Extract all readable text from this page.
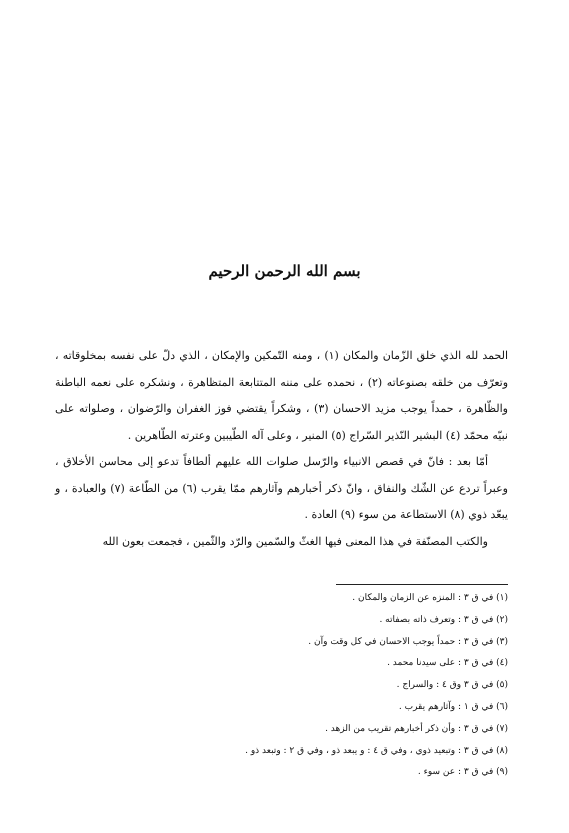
بسم الله الرحمن الرحيم

الحمد لله الذي خلق الزّمان والمكان (١) ، ومنه التّمكين والإمكان ، الذي دلّ على نفسه بمخلوقاته ، وتعرّف من خلقه بصنوعاته (٢) ، نحمده على مننه المتتابعة المتظاهرة ، ونشكره على نعمه الباطنة والظّاهرة ، حمداً يوجب مزيد الاحسان (٣) ، وشكراً يقتضي فوز الغفران والرّضوان ، وصلواته على نبيّه محمّد (٤) البشير النّذير السّراج (٥) المنير ، وعلى آله الطّيبين وعترته الطّاهرين .

أمّا بعد : فانّ في قصص الانبياء والرّسل صلوات الله عليهم ألطافاً تدعو إلى محاسن الأخلاق ، وعبراً تردع عن الشّك والنفاق ، وانّ ذكر أخبارهم وآثارهم ممّا يقرب (٦) من الطّاعة (٧) والعبادة ، و يبعّد ذوي (٨) الاستطاعة من سوء (٩) العادة .

والكتب المصنّفة في هذا المعنى فيها الغثّ والسّمين والرّد والثّمين ، فجمعت بعون الله

(١) في ق ٣ : المنزه عن الزمان والمكان .
(٢) في ق ٣ : وتعرف ذاته بصفاته .
(٣) في ق ٣ : حمداً يوجب الاحسان في كل وقت وآن .
(٤) في ق ٣ : على سيدنا محمد .
(٥) في ق ٣ وق ٤ : والسراج .
(٦) في ق ١ : وآثارهم يقرب .
(٧) في ق ٣ : وأن ذكر أخبارهم تقريب من الزهد .
(٨) في ق ٣ : وتبعيد ذوي ، وفي ق ٤ : و يبعد ذو ، وفي ق ٢ : وتبعد ذو .
(٩) في ق ٣ : عن سوء .
